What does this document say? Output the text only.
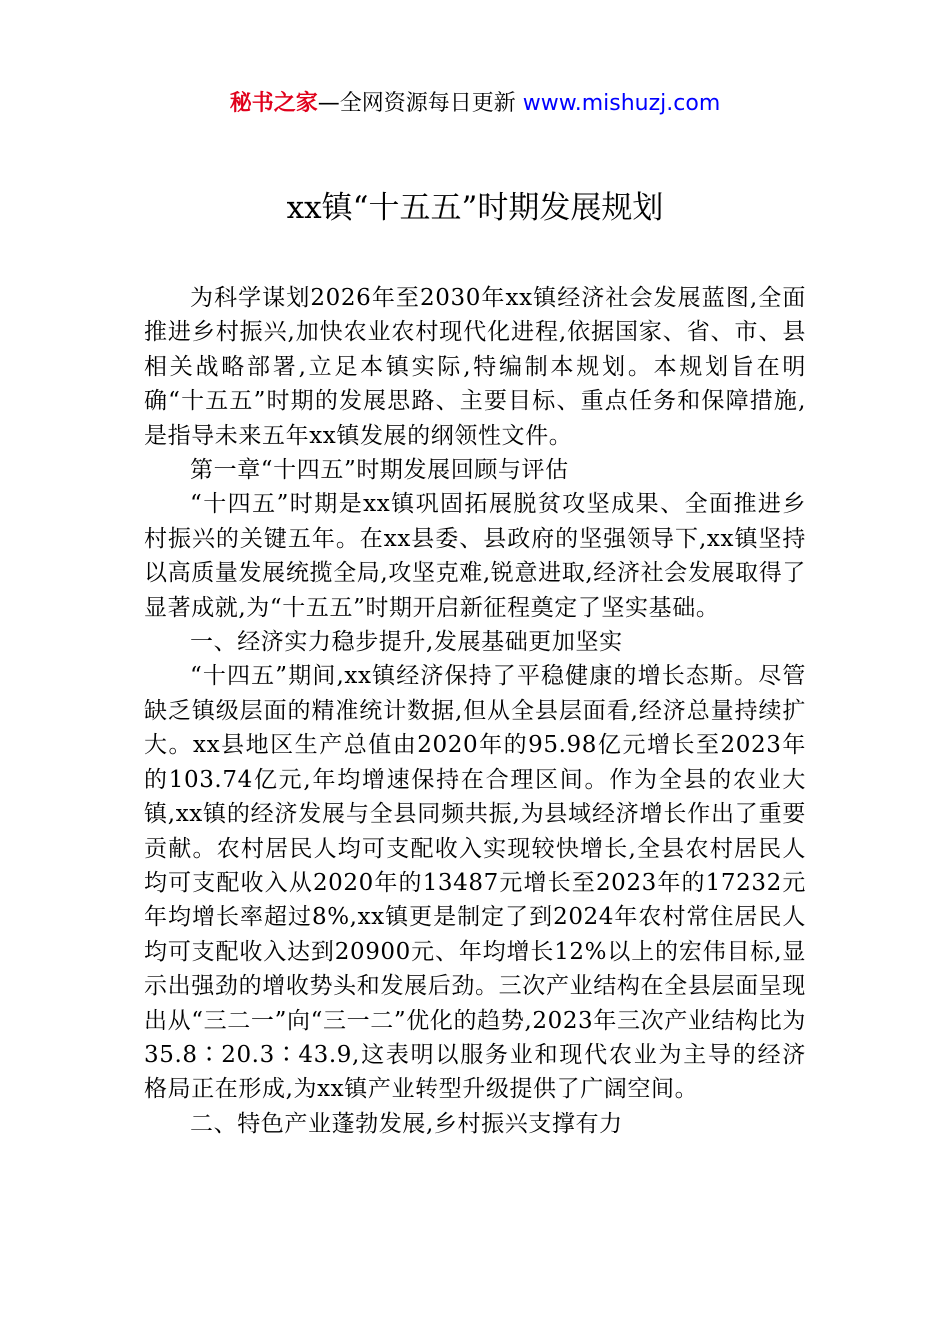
秘书之家—全网资源每日更新 www.mishuzj.com
xx镇“十五五”时期发展规划

为科学谋划2026年至2030年xx镇经济社会发展蓝图,全面推进乡村振兴,加快农业农村现代化进程,依据国家、省、市、县相关战略部署,立足本镇实际,特编制本规划。本规划旨在明确“十五五”时期的发展思路、主要目标、重点任务和保障措施,是指导未来五年xx镇发展的纲领性文件。

第一章“十四五”时期发展回顾与评估

“十四五”时期是xx镇巩固拓展脱贫攻坚成果、全面推进乡村振兴的关键五年。在xx县委、县政府的坚强领导下,xx镇坚持以高质量发展统揽全局,攻坚克难,锐意进取,经济社会发展取得了显著成就,为“十五五”时期开启新征程奠定了坚实基础。

一、经济实力稳步提升,发展基础更加坚实

“十四五”期间,xx镇经济保持了平稳健康的增长态斯。尽管缺乏镇级层面的精准统计数据,但从全县层面看,经济总量持续扩大。xx县地区生产总值由2020年的95.98亿元增长至2023年的103.74亿元,年均增速保持在合理区间。作为全县的农业大镇,xx镇的经济发展与全县同频共振,为县域经济增长作出了重要贡献。农村居民人均可支配收入实现较快增长,全县农村居民人均可支配收入从2020年的13487元增长至2023年的17232元年均增长率超过8%,xx镇更是制定了到2024年农村常住居民人均可支配收入达到20900元、年均增长12%以上的宏伟目标,显示出强劲的增收势头和发展后劲。三次产业结构在全县层面呈现出从“三二一”向“三一二”优化的趋势,2023年三次产业结构比为35.8∶20.3∶43.9,这表明以服务业和现代农业为主导的经济格局正在形成,为xx镇产业转型升级提供了广阔空间。

二、特色产业蓬勃发展,乡村振兴支撑有力
